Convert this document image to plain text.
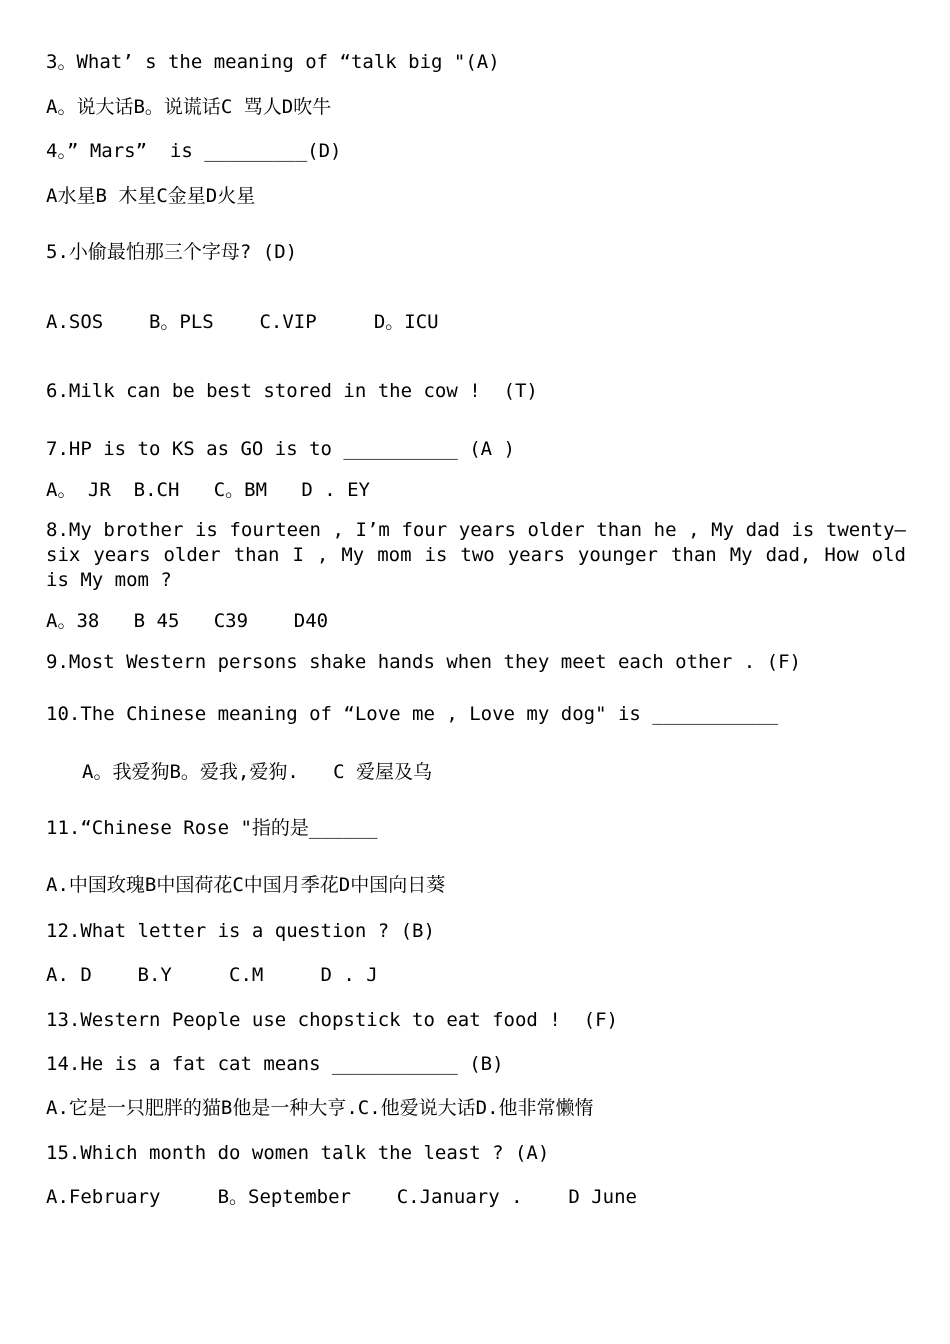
3。What’ s the meaning of “talk big "(A)
A。说大话B。说谎话C 骂人D吹牛
4。” Mars”  is _________(D)
A水星B 木星C金星D火星
5.小偷最怕那三个字母? (D)
A.SOS    B。PLS    C.VIP     D。ICU
6.Milk can be best stored in the cow !  (T)
7.HP is to KS as GO is to __________ (A )
A。 JR  B.CH   C。BM   D . EY
8.My brother is fourteen , I’m four years older than he , My dad is twenty—six years older than I , My mom is two years younger than My dad, How old is My mom ?
A。38   B 45   C39    D40
9.Most Western persons shake hands when they meet each other . (F)
10.The Chinese meaning of “Love me , Love my dog" is ___________
A。我爱狗B。爱我,爱狗.   C 爱屋及乌
11.“Chinese Rose "指的是______
A.中国玫瑰B中国荷花C中国月季花D中国向日葵
12.What letter is a question ? (B)
A. D    B.Y     C.M     D . J
13.Western People use chopstick to eat food !  (F)
14.He is a fat cat means ___________ (B)
A.它是一只肥胖的猫B他是一种大亨.C.他爱说大话D.他非常懒惰
15.Which month do women talk the least ? (A)
A.February     B。September    C.January .    D June
